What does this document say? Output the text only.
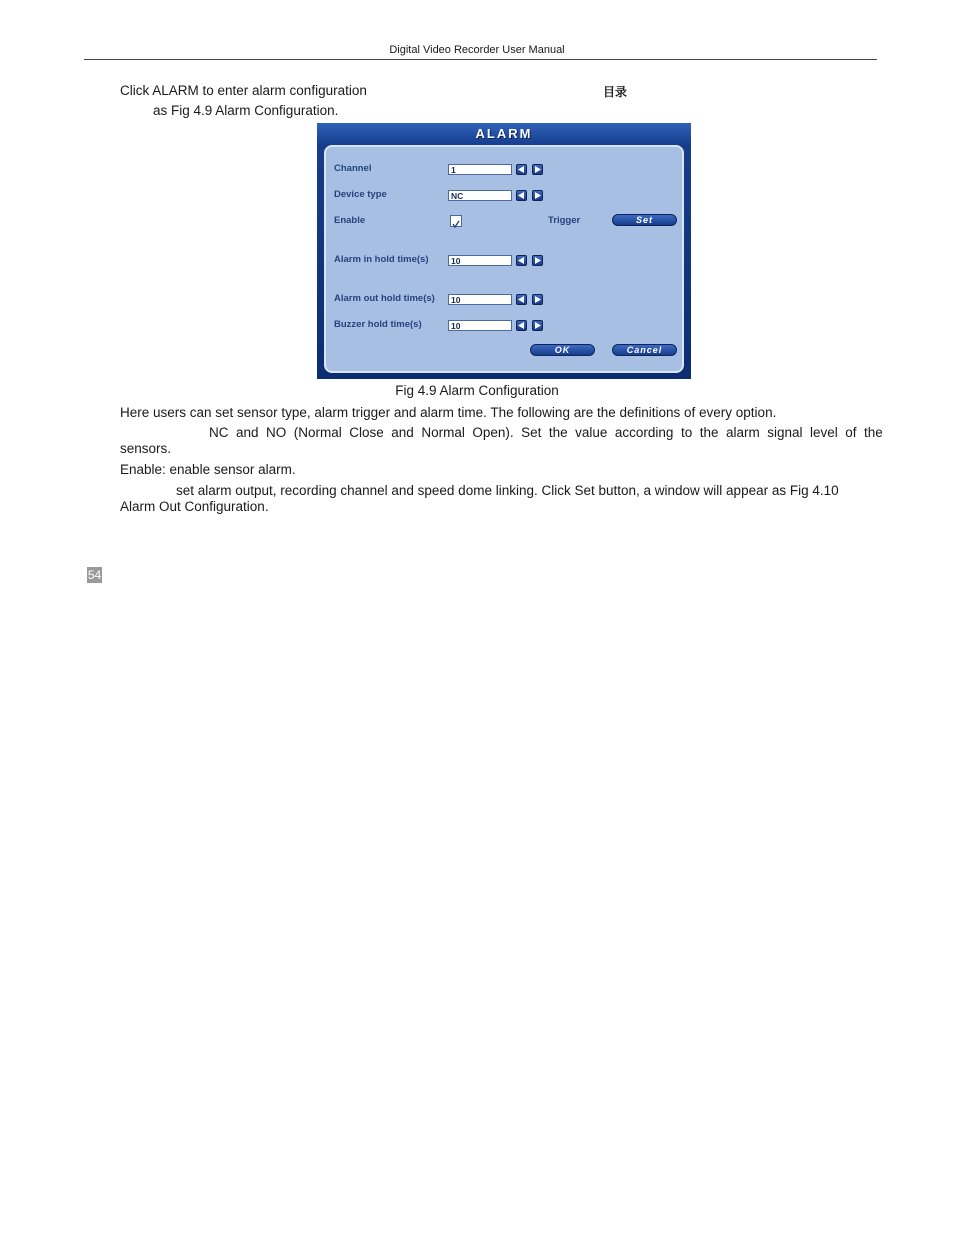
Digital Video Recorder User Manual
Click ALARM to enter alarm configuration	目录
as Fig 4.9 Alarm Configuration.
ALARM
Channel	1
Device type	NC
Enable	Trigger	Set
Alarm in hold time(s)	10
Alarm out hold time(s)	10
Buzzer hold time(s)	10
OK	Cancel
Fig 4.9 Alarm Configuration
Here users can set sensor type, alarm trigger and alarm time. The following are the definitions of every option.
NC  and  NO  (Normal  Close  and  Normal  Open).  Set  the  value  according  to  the  alarm  signal  level  of  the
sensors.
Enable: enable sensor alarm.
set alarm output, recording channel and speed dome linking. Click Set button, a window will appear as Fig 4.10
Alarm Out Configuration.
54
